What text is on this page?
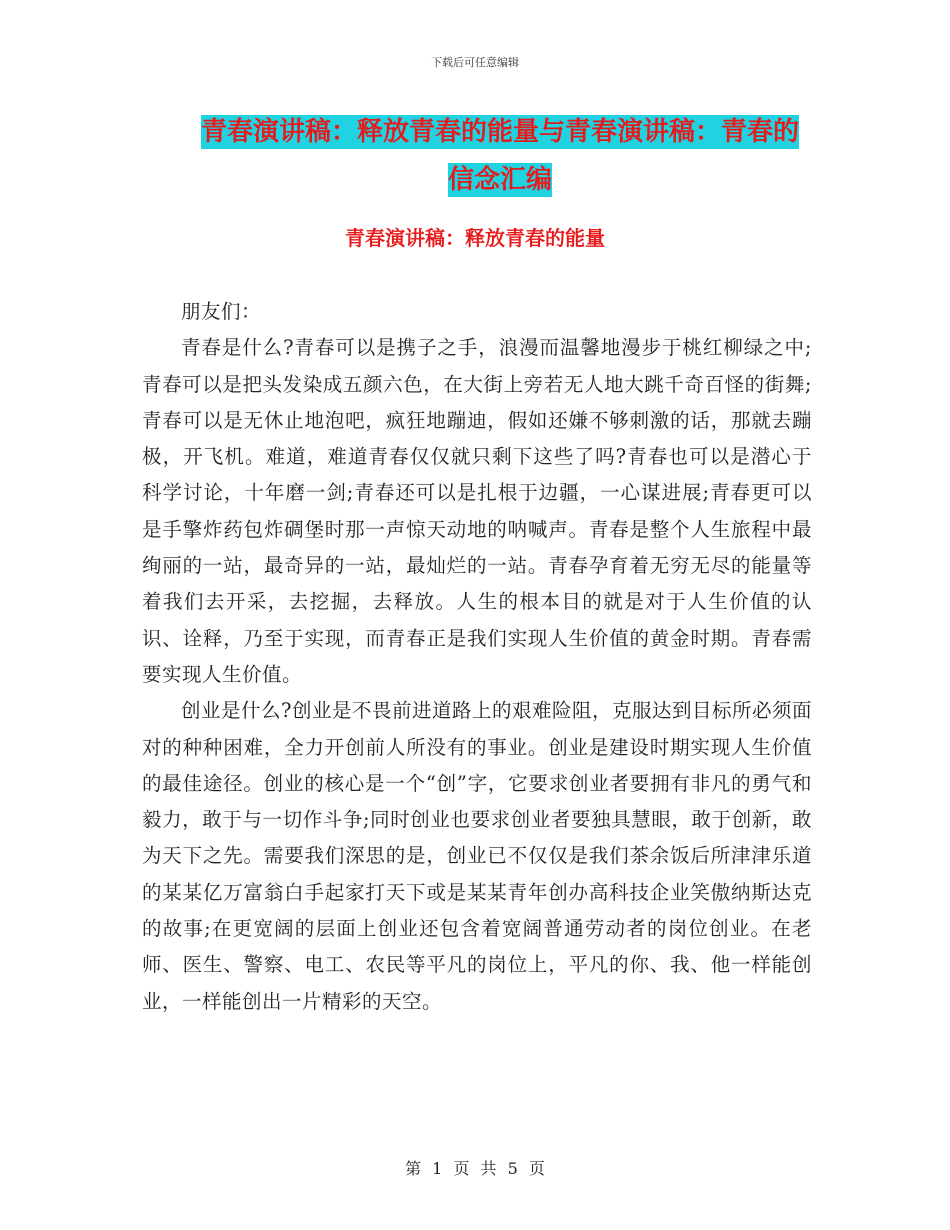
下载后可任意编辑
青春演讲稿：释放青春的能量与青春演讲稿：青春的
信念汇编
青春演讲稿：释放青春的能量

朋友们：

青春是什么?青春可以是携子之手，浪漫而温馨地漫步于桃红柳绿之中;青春可以是把头发染成五颜六色，在大街上旁若无人地大跳千奇百怪的街舞;青春可以是无休止地泡吧，疯狂地蹦迪，假如还嫌不够刺激的话，那就去蹦极，开飞机。难道，难道青春仅仅就只剩下这些了吗?青春也可以是潜心于科学讨论，十年磨一剑;青春还可以是扎根于边疆，一心谋进展;青春更可以是手擎炸药包炸碉堡时那一声惊天动地的呐喊声。青春是整个人生旅程中最绚丽的一站，最奇异的一站，最灿烂的一站。青春孕育着无穷无尽的能量等着我们去开采，去挖掘，去释放。人生的根本目的就是对于人生价值的认识、诠释，乃至于实现，而青春正是我们实现人生价值的黄金时期。青春需要实现人生价值。

创业是什么?创业是不畏前进道路上的艰难险阻，克服达到目标所必须面对的种种困难，全力开创前人所没有的事业。创业是建设时期实现人生价值的最佳途径。创业的核心是一个“创”字，它要求创业者要拥有非凡的勇气和毅力，敢于与一切作斗争;同时创业也要求创业者要独具慧眼，敢于创新，敢为天下之先。需要我们深思的是，创业已不仅仅是我们茶余饭后所津津乐道的某某亿万富翁白手起家打天下或是某某青年创办高科技企业笑傲纳斯达克的故事;在更宽阔的层面上创业还包含着宽阔普通劳动者的岗位创业。在老师、医生、警察、电工、农民等平凡的岗位上，平凡的你、我、他一样能创业，一样能创出一片精彩的天空。

第 1 页 共 5 页
